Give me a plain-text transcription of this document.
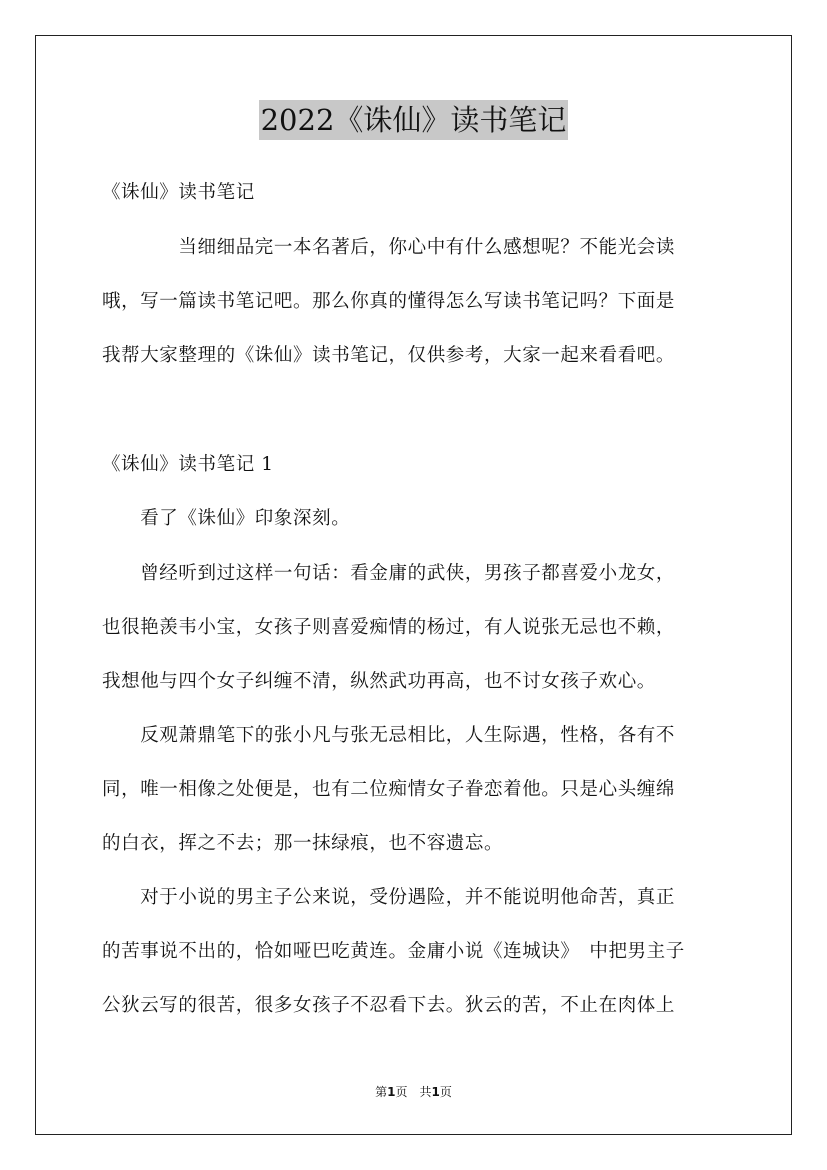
2022《诛仙》读书笔记
《诛仙》读书笔记
　　　　当细细品完一本名著后，你心中有什么感想呢？不能光会读
哦，写一篇读书笔记吧。那么你真的懂得怎么写读书笔记吗？下面是
我帮大家整理的《诛仙》读书笔记，仅供参考，大家一起来看看吧。
《诛仙》读书笔记 1
　　看了《诛仙》印象深刻。
　　曾经听到过这样一句话：看金庸的武侠，男孩子都喜爱小龙女，
也很艳羡韦小宝，女孩子则喜爱痴情的杨过，有人说张无忌也不赖，
我想他与四个女子纠缠不清，纵然武功再高，也不讨女孩子欢心。
　　反观萧鼎笔下的张小凡与张无忌相比，人生际遇，性格，各有不
同，唯一相像之处便是，也有二位痴情女子眷恋着他。只是心头缠绵
的白衣，挥之不去；那一抹绿痕，也不容遗忘。
　　对于小说的男主子公来说，受份遇险，并不能说明他命苦，真正
的苦事说不出的，恰如哑巴吃黄连。金庸小说《连城诀》　中把男主子
公狄云写的很苦，很多女孩子不忍看下去。狄云的苦，不止在肉体上
第1页　共1页
